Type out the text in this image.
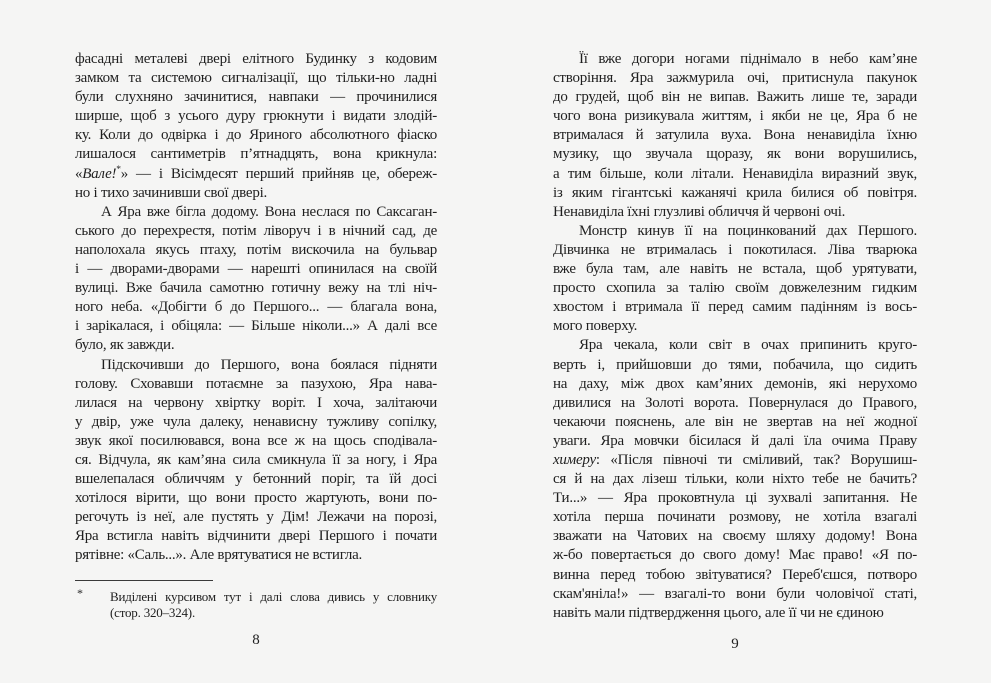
фасадні металеві двері елітного Будинку з кодовим
замком та системою сигналізації, що тільки-но ладні
були слухняно зачинитися, навпаки — прочинилися
ширше, щоб з усього дуру грюкнути і видати злодій-
ку. Коли до одвірка і до Яриного абсолютного фіаско
лишалося сантиметрів п’ятнадцять, вона крикнула:
«Вале!*» — і Вісімдесят перший прийняв це, обереж-
но і тихо зачинивши свої двері.
А Яра вже бігла додому. Вона неслася по Саксаган-
ського до перехрестя, потім ліворуч і в нічний сад, де
наполохала якусь птаху, потім вискочила на бульвар
і — дворами-дворами — нарешті опинилася на своїй
вулиці. Вже бачила самотню готичну вежу на тлі ніч-
ного неба. «Добігти б до Першого... — благала вона,
і зарікалася, і обіцяла: — Більше ніколи...» А далі все
було, як завжди.
Підскочивши до Першого, вона боялася підняти
голову. Сховавши потаємне за пазухою, Яра нава-
лилася на червону хвіртку воріт. І хоча, залітаючи
у двір, уже чула далеку, ненависну тужливу сопілку,
звук якої посилювався, вона все ж на щось сподівала-
ся. Відчула, як кам’яна сила смикнула її за ногу, і Яра
вшелепалася обличчям у бетонний поріг, та їй досі
хотілося вірити, що вони просто жартують, вони по-
регочуть із неї, але пустять у Дім! Лежачи на порозі,
Яра встигла навіть відчинити двері Першого і почати
рятівне: «Саль...». Але врятуватися не встигла.
* Виділені курсивом тут і далі слова дивись у словнику
(стор. 320–324).
Її вже догори ногами піднімало в небо кам’яне
створіння. Яра зажмурила очі, притиснула пакунок
до грудей, щоб він не випав. Важить лише те, заради
чого вона ризикувала життям, і якби не це, Яра б не
втрималася й затулила вуха. Вона ненавиділа їхню
музику, що звучала щоразу, як вони ворушились,
а тим більше, коли літали. Ненавиділа виразний звук,
із яким гігантські кажанячі крила билися об повітря.
Ненавиділа їхні глузливі обличчя й червоні очі.
Монстр кинув її на поцинкований дах Першого.
Дівчинка не втрималась і покотилася. Ліва тварюка
вже була там, але навіть не встала, щоб урятувати,
просто схопила за талію своїм довжелезним гидким
хвостом і втримала її перед самим падінням із вось-
мого поверху.
Яра чекала, коли світ в очах припинить круго-
верть і, прийшовши до тями, побачила, що сидить
на даху, між двох кам’яних демонів, які нерухомо
дивилися на Золоті ворота. Повернулася до Правого,
чекаючи пояснень, але він не звертав на неї жодної
уваги. Яра мовчки бісилася й далі їла очима Праву
химеру: «Після півночі ти сміливий, так? Ворушиш-
ся й на дах лізеш тільки, коли ніхто тебе не бачить?
Ти...» — Яра проковтнула ці зухвалі запитання. Не
хотіла перша починати розмову, не хотіла взагалі
зважати на Чатових на своєму шляху додому! Вона
ж-бо повертається до свого дому! Має право! «Я по-
винна перед тобою звітуватися? Переб'єшся, потворо
скам'яніла!» — взагалі-то вони були чоловічої статі,
навіть мали підтвердження цього, але її чи не єдиною
8	9
